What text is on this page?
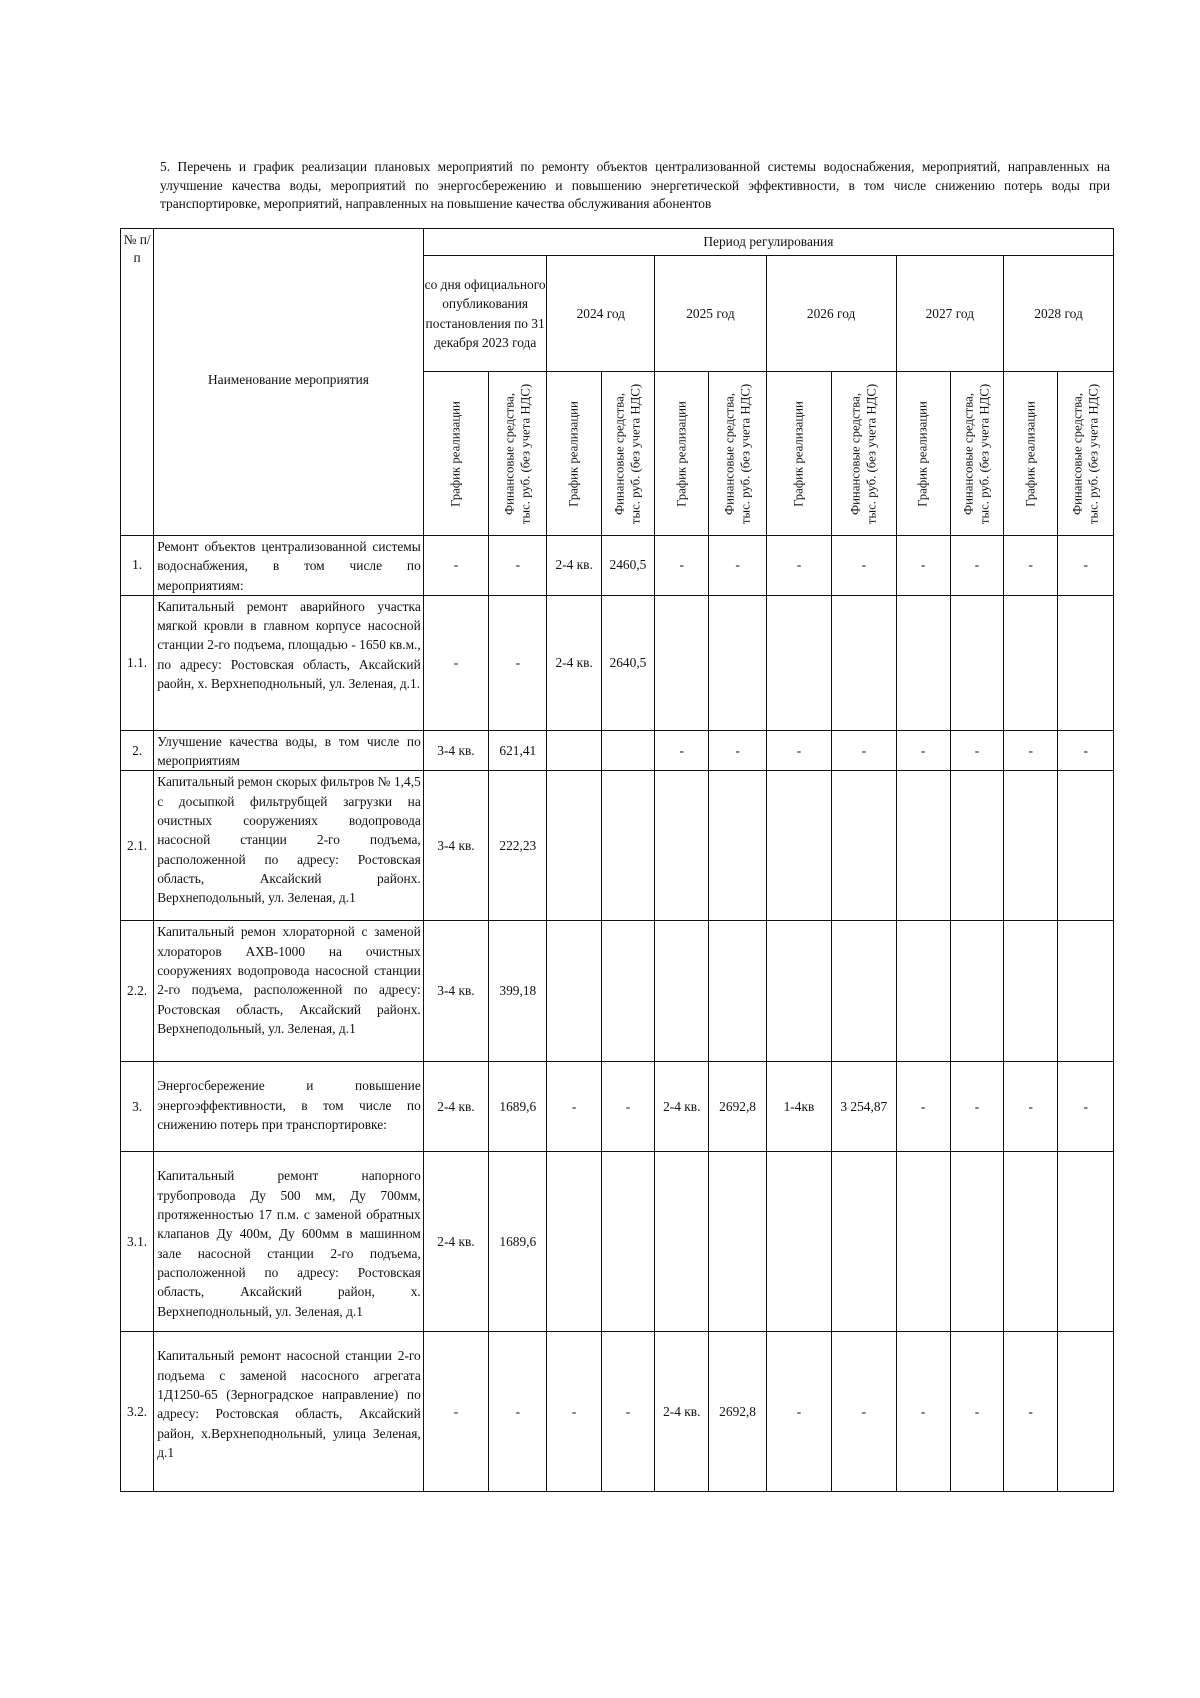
5. Перечень и график реализации плановых мероприятий по ремонту объектов централизованной системы водоснабжения, мероприятий, направленных на улучшение качества воды, мероприятий по энергосбережению и повышению энергетической эффективности, в том числе снижению потерь воды при транспортировке, мероприятий, направленных на повышение качества обслуживания абонентов
№ п/п	Наименование мероприятия	Период регулирования											
		со дня официального опубликования постановления по 31 декабря 2023 года		2024 год		2025 год		2026 год		2027 год		2028 год	

		График реализации	Финансовые средства, тыс. руб. (без учета НДС)	График реализации	Финансовые средства, тыс. руб. (без учета НДС)	График реализации	Финансовые средства, тыс. руб. (без учета НДС)	График реализации	Финансовые средства, тыс. руб. (без учета НДС)	График реализации	Финансовые средства, тыс. руб. (без учета НДС)	График реализации	Финансовые средства, тыс. руб. (без учета НДС)

1.	Ремонт объектов централизованной системы водоснабжения, в том числе по мероприятиям:	-	-	2-4 кв.	2460,5	-	-	-	-	-	-	-	-
1.1.	Капитальный ремонт аварийного участка мягкой кровли в главном корпусе насосной станции 2-го подъема, площадью - 1650 кв.м., по адресу: Ростовская область, Аксайский раойн, х. Верхнеподнольный, ул. Зеленая, д.1.	-	-	2-4 кв.	2640,5								
2.	Улучшение качества воды, в том числе по мероприятиям	3-4 кв.	621,41			-	-	-	-	-	-	-	-
2.1.	Капитальный ремон скорых фильтров № 1,4,5 с досыпкой фильтрубщей загрузки на очистных сооружениях водопровода насосной станции 2-го подъема, расположенной по адресу: Ростовская область, Аксайский районх. Верхнеподольный, ул. Зеленая, д.1	3-4 кв.	222,23										
2.2.	Капитальный ремон хлораторной с заменой хлораторов АХВ-1000 на очистных сооружениях водопровода насосной станции 2-го подъема, расположенной по адресу: Ростовская область, Аксайский районх. Верхнеподольный, ул. Зеленая, д.1	3-4 кв.	399,18										
3.	Энергосбережение и повышение энергоэффективности, в том числе по снижению потерь при транспортировке:	2-4 кв.	1689,6	-	-	2-4 кв.	2692,8	1-4кв	3 254,87	-	-	-	-
3.1.	Капитальный ремонт напорного трубопровода Ду 500 мм, Ду 700мм, протяженностью 17 п.м. с заменой обратных клапанов Ду 400м, Ду 600мм в машинном зале насосной станции 2-го подъема, расположенной по адресу: Ростовская область, Аксайский район, х. Верхнеподнольный, ул. Зеленая, д.1	2-4 кв.	1689,6										
3.2.	Капитальный ремонт насосной станции 2-го подъема с заменой насосного агрегата 1Д1250-65 (Зерноградское направление) по адресу: Ростовская область, Аксайский район, х.Верхнеподнольный, улица Зеленая, д.1	-	-	-	-	2-4 кв.	2692,8	-	-	-	-	-	
